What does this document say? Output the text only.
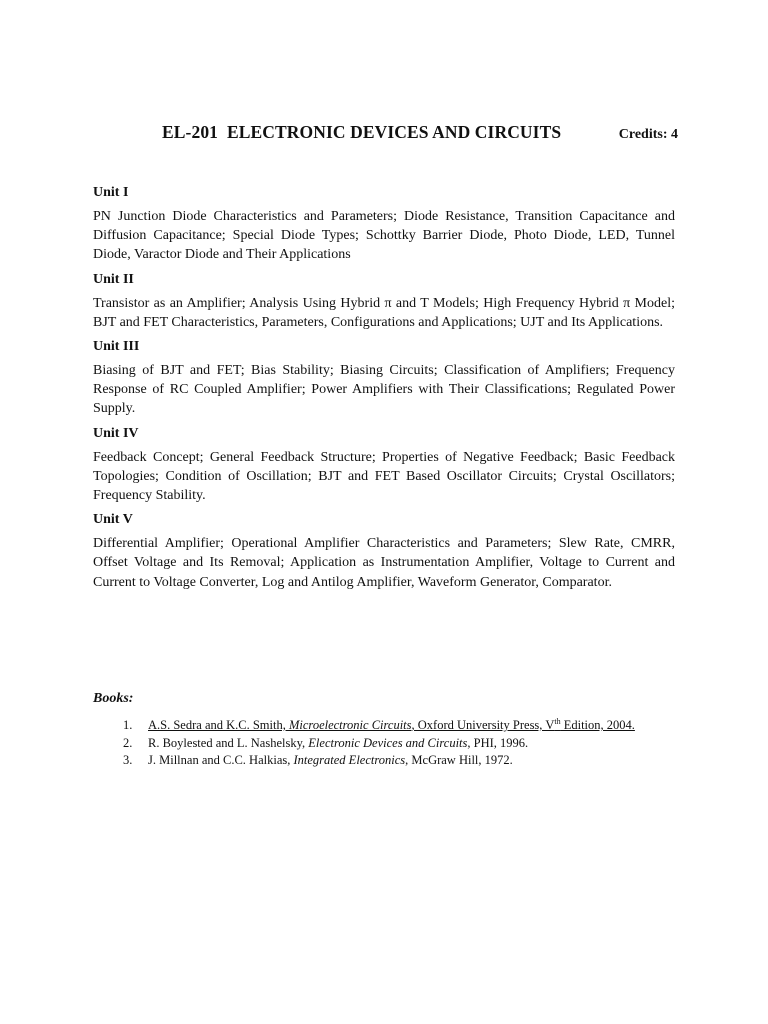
EL-201  ELECTRONIC DEVICES AND CIRCUITS	Credits: 4

Unit I

PN Junction Diode Characteristics and Parameters; Diode Resistance, Transition Capacitance and Diffusion Capacitance; Special Diode Types; Schottky Barrier Diode, Photo Diode, LED, Tunnel Diode, Varactor Diode and Their Applications

Unit II

Transistor as an Amplifier; Analysis Using Hybrid π and T Models; High Frequency Hybrid π Model; BJT and FET Characteristics, Parameters, Configurations and Applications; UJT and Its Applications.

Unit III

Biasing of BJT and FET; Bias Stability; Biasing Circuits; Classification of Amplifiers; Frequency Response of RC Coupled Amplifier; Power Amplifiers with Their Classifications; Regulated Power Supply.

Unit IV

Feedback Concept; General Feedback Structure; Properties of Negative Feedback; Basic Feedback Topologies; Condition of Oscillation; BJT and FET Based Oscillator Circuits; Crystal Oscillators; Frequency Stability.

Unit V

Differential Amplifier; Operational Amplifier Characteristics and Parameters; Slew Rate, CMRR, Offset Voltage and Its Removal; Application as Instrumentation Amplifier, Voltage to Current and Current to Voltage Converter, Log and Antilog Amplifier, Waveform Generator, Comparator.

Books:
1.	A.S. Sedra and K.C. Smith, Microelectronic Circuits, Oxford University Press, Vth Edition, 2004.
2.	R. Boylested and L. Nashelsky, Electronic Devices and Circuits, PHI, 1996.
3.	J. Millnan and C.C. Halkias, Integrated Electronics, McGraw Hill, 1972.
